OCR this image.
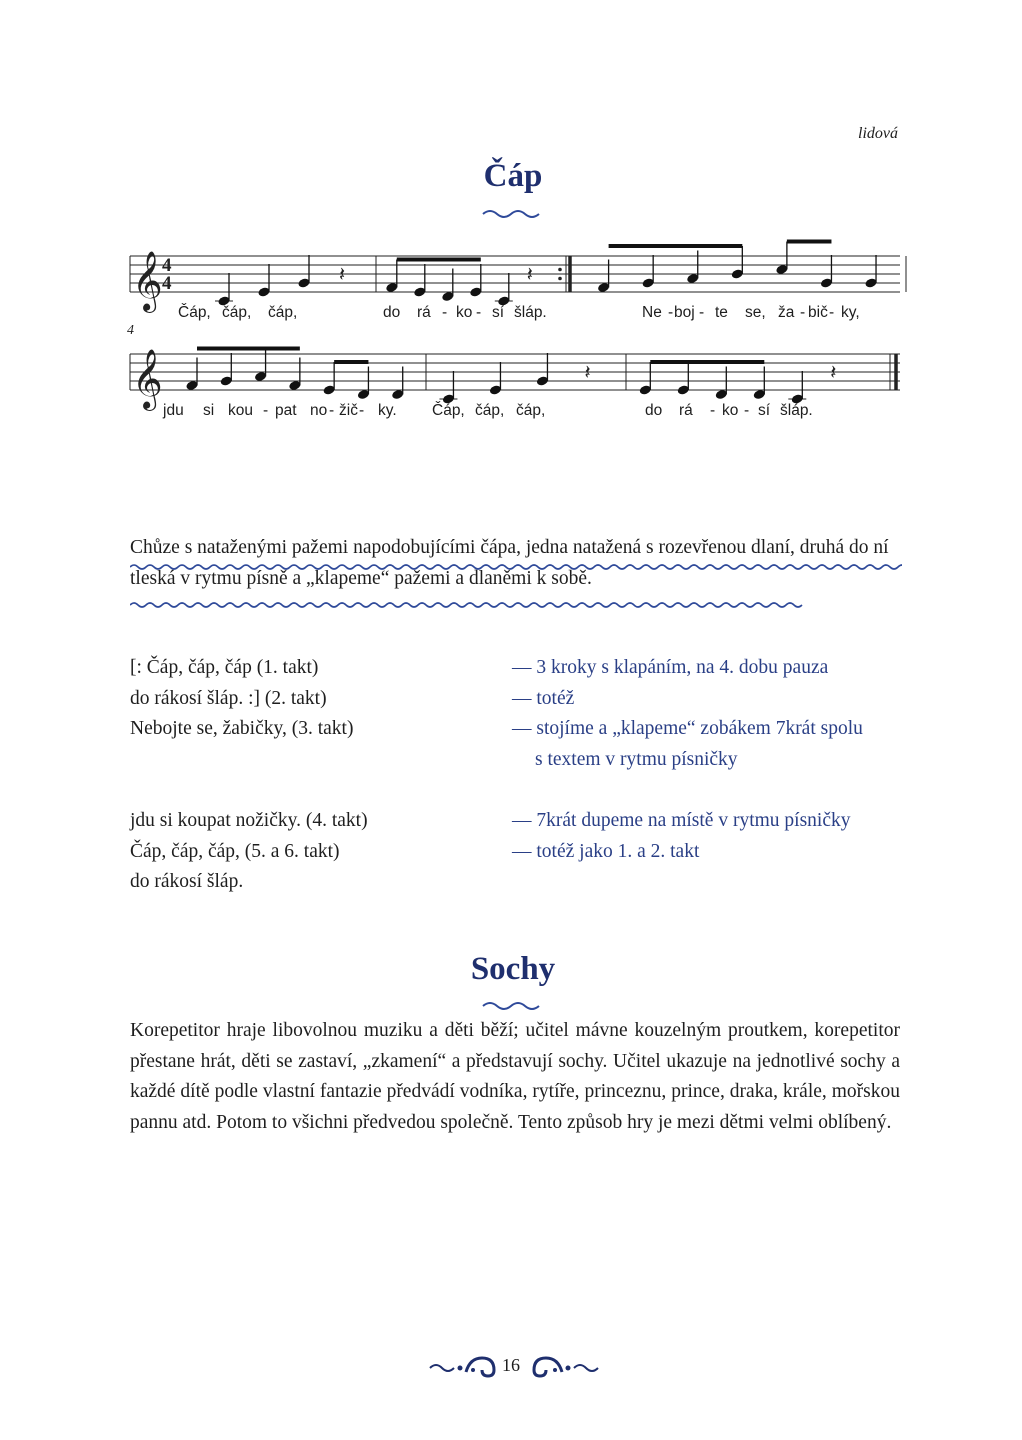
lidová
Čáp
𝄞 4
4	𝄽	𝄽
𝄞	𝄽	𝄽
4
Čáp, čáp, čáp,	do rá - ko - sí šláp.	Ne - boj - te se, ža - bič - ky,
jdu si kou - pat no - žič - ky. Čáp, čáp, čáp,	do rá - ko - sí šláp.
Chůze s nataženými pažemi napodobujícími čápa, jedna natažená s rozevřenou dlaní, druhá do ní tleská v rytmu písně a „klapeme“ pažemi a dlaněmi k sobě.
[: Čáp, čáp, čáp (1. takt)	— 3 kroky s klapáním, na 4. dobu pauza
do rákosí šláp. :] (2. takt)	— totéž
Nebojte se, žabičky, (3. takt)	— stojíme a „klapeme“ zobákem 7krát spolu
s textem v rytmu písničky
jdu si koupat nožičky. (4. takt)	— 7krát dupeme na místě v rytmu písničky
Čáp, čáp, čáp, (5. a 6. takt)	— totéž jako 1. a 2. takt
do rákosí šláp.
Sochy
Korepetitor hraje libovolnou muziku a děti běží; učitel mávne kouzelným proutkem, korepetitor přestane hrát, děti se zastaví, „zkamení“ a představují sochy. Učitel ukazuje na jednotlivé sochy a každé dítě podle vlastní fantazie předvádí vodníka, rytíře, princeznu, prince, draka, krále, mořskou pannu atd. Potom to všichni předvedou společně. Tento způsob hry je mezi dětmi velmi oblíbený.
16
